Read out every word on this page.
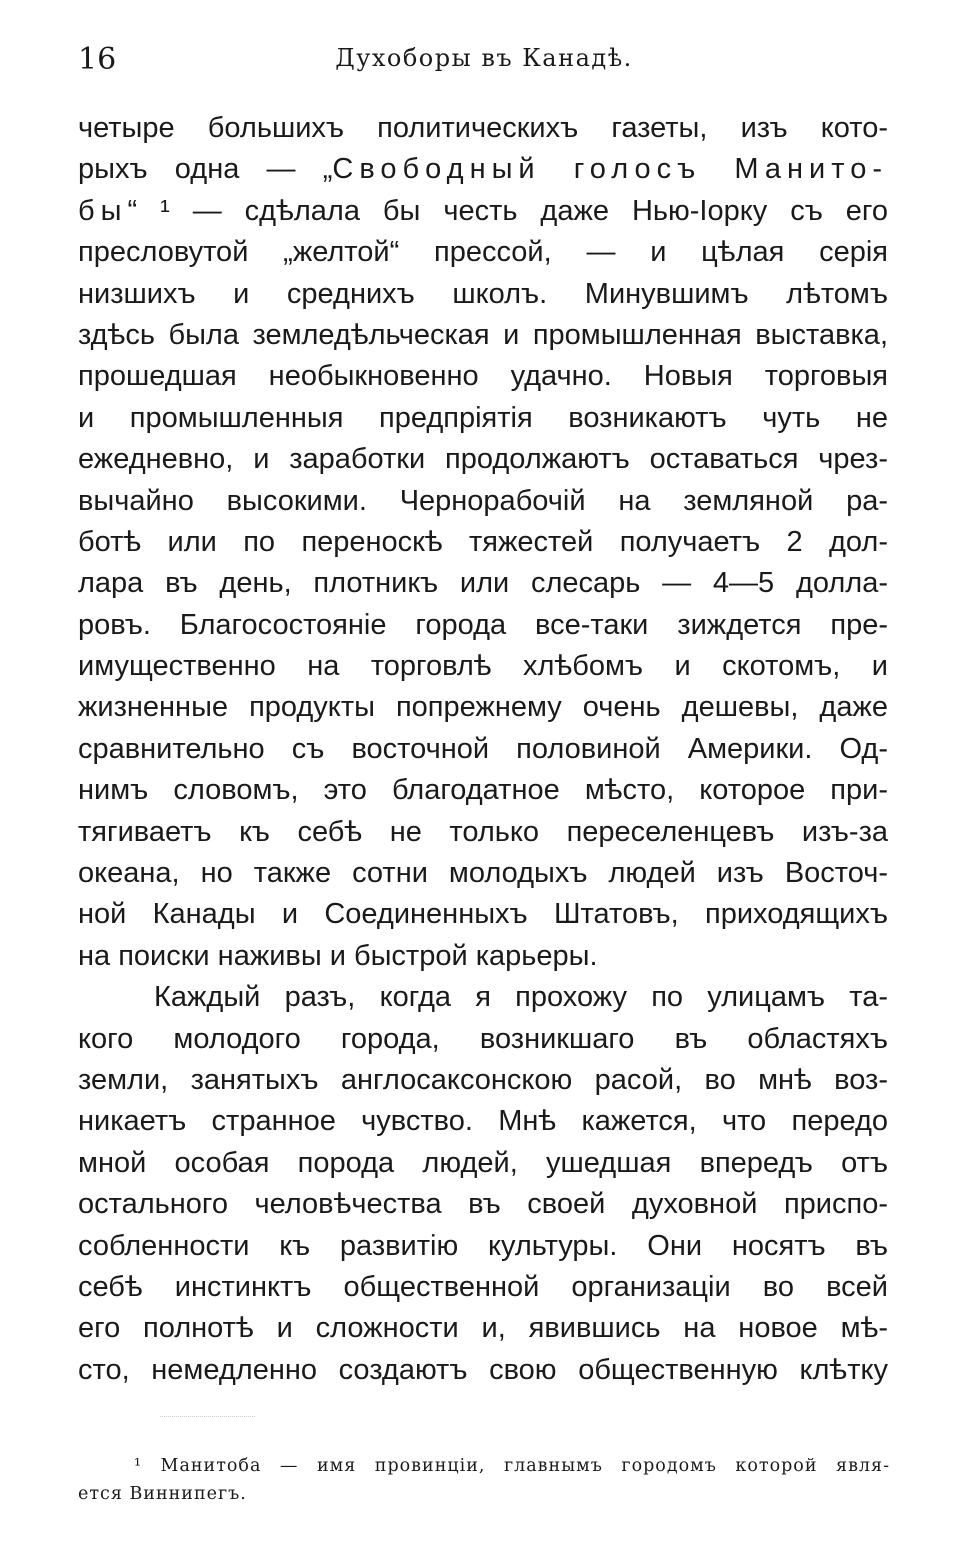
16	Духоборы въ Канадѣ.
четыре большихъ политическихъ газеты, изъ кото-
рыхъ одна — „Свободный голосъ Манито-
бы“ ¹ — сдѣлала бы честь даже Нью-Іорку съ его
пресловутой „желтой“ прессой, — и цѣлая серія
низшихъ и среднихъ школъ. Минувшимъ лѣтомъ
здѣсь была земледѣльческая и промышленная выставка,
прошедшая необыкновенно удачно. Новыя торговыя
и промышленныя предпріятія возникаютъ чуть не
ежедневно, и заработки продолжаютъ оставаться чрез-
вычайно высокими. Чернорабочій на земляной ра-
ботѣ или по переноскѣ тяжестей получаетъ 2 дол-
лара въ день, плотникъ или слесарь — 4—5 долла-
ровъ. Благосостояніе города все-таки зиждется пре-
имущественно на торговлѣ хлѣбомъ и скотомъ, и
жизненные продукты попрежнему очень дешевы, даже
сравнительно съ восточной половиной Америки. Од-
нимъ словомъ, это благодатное мѣсто, которое при-
тягиваетъ къ себѣ не только переселенцевъ изъ-за
океана, но также сотни молодыхъ людей изъ Восточ-
ной Канады и Соединенныхъ Штатовъ, приходящихъ
на поиски наживы и быстрой карьеры.
Каждый разъ, когда я прохожу по улицамъ та-
кого молодого города, возникшаго въ областяхъ
земли, занятыхъ англосаксонскою расой, во мнѣ воз-
никаетъ странное чувство. Мнѣ кажется, что передо
мной особая порода людей, ушедшая впередъ отъ
остального человѣчества въ своей духовной приспо-
собленности къ развитію культуры. Они носятъ въ
себѣ инстинктъ общественной организаціи во всей
его полнотѣ и сложности и, явившись на новое мѣ-
сто, немедленно создаютъ свою общественную клѣтку
¹ Манитоба — имя провинціи, главнымъ городомъ которой явля-
ется Виннипегъ.
